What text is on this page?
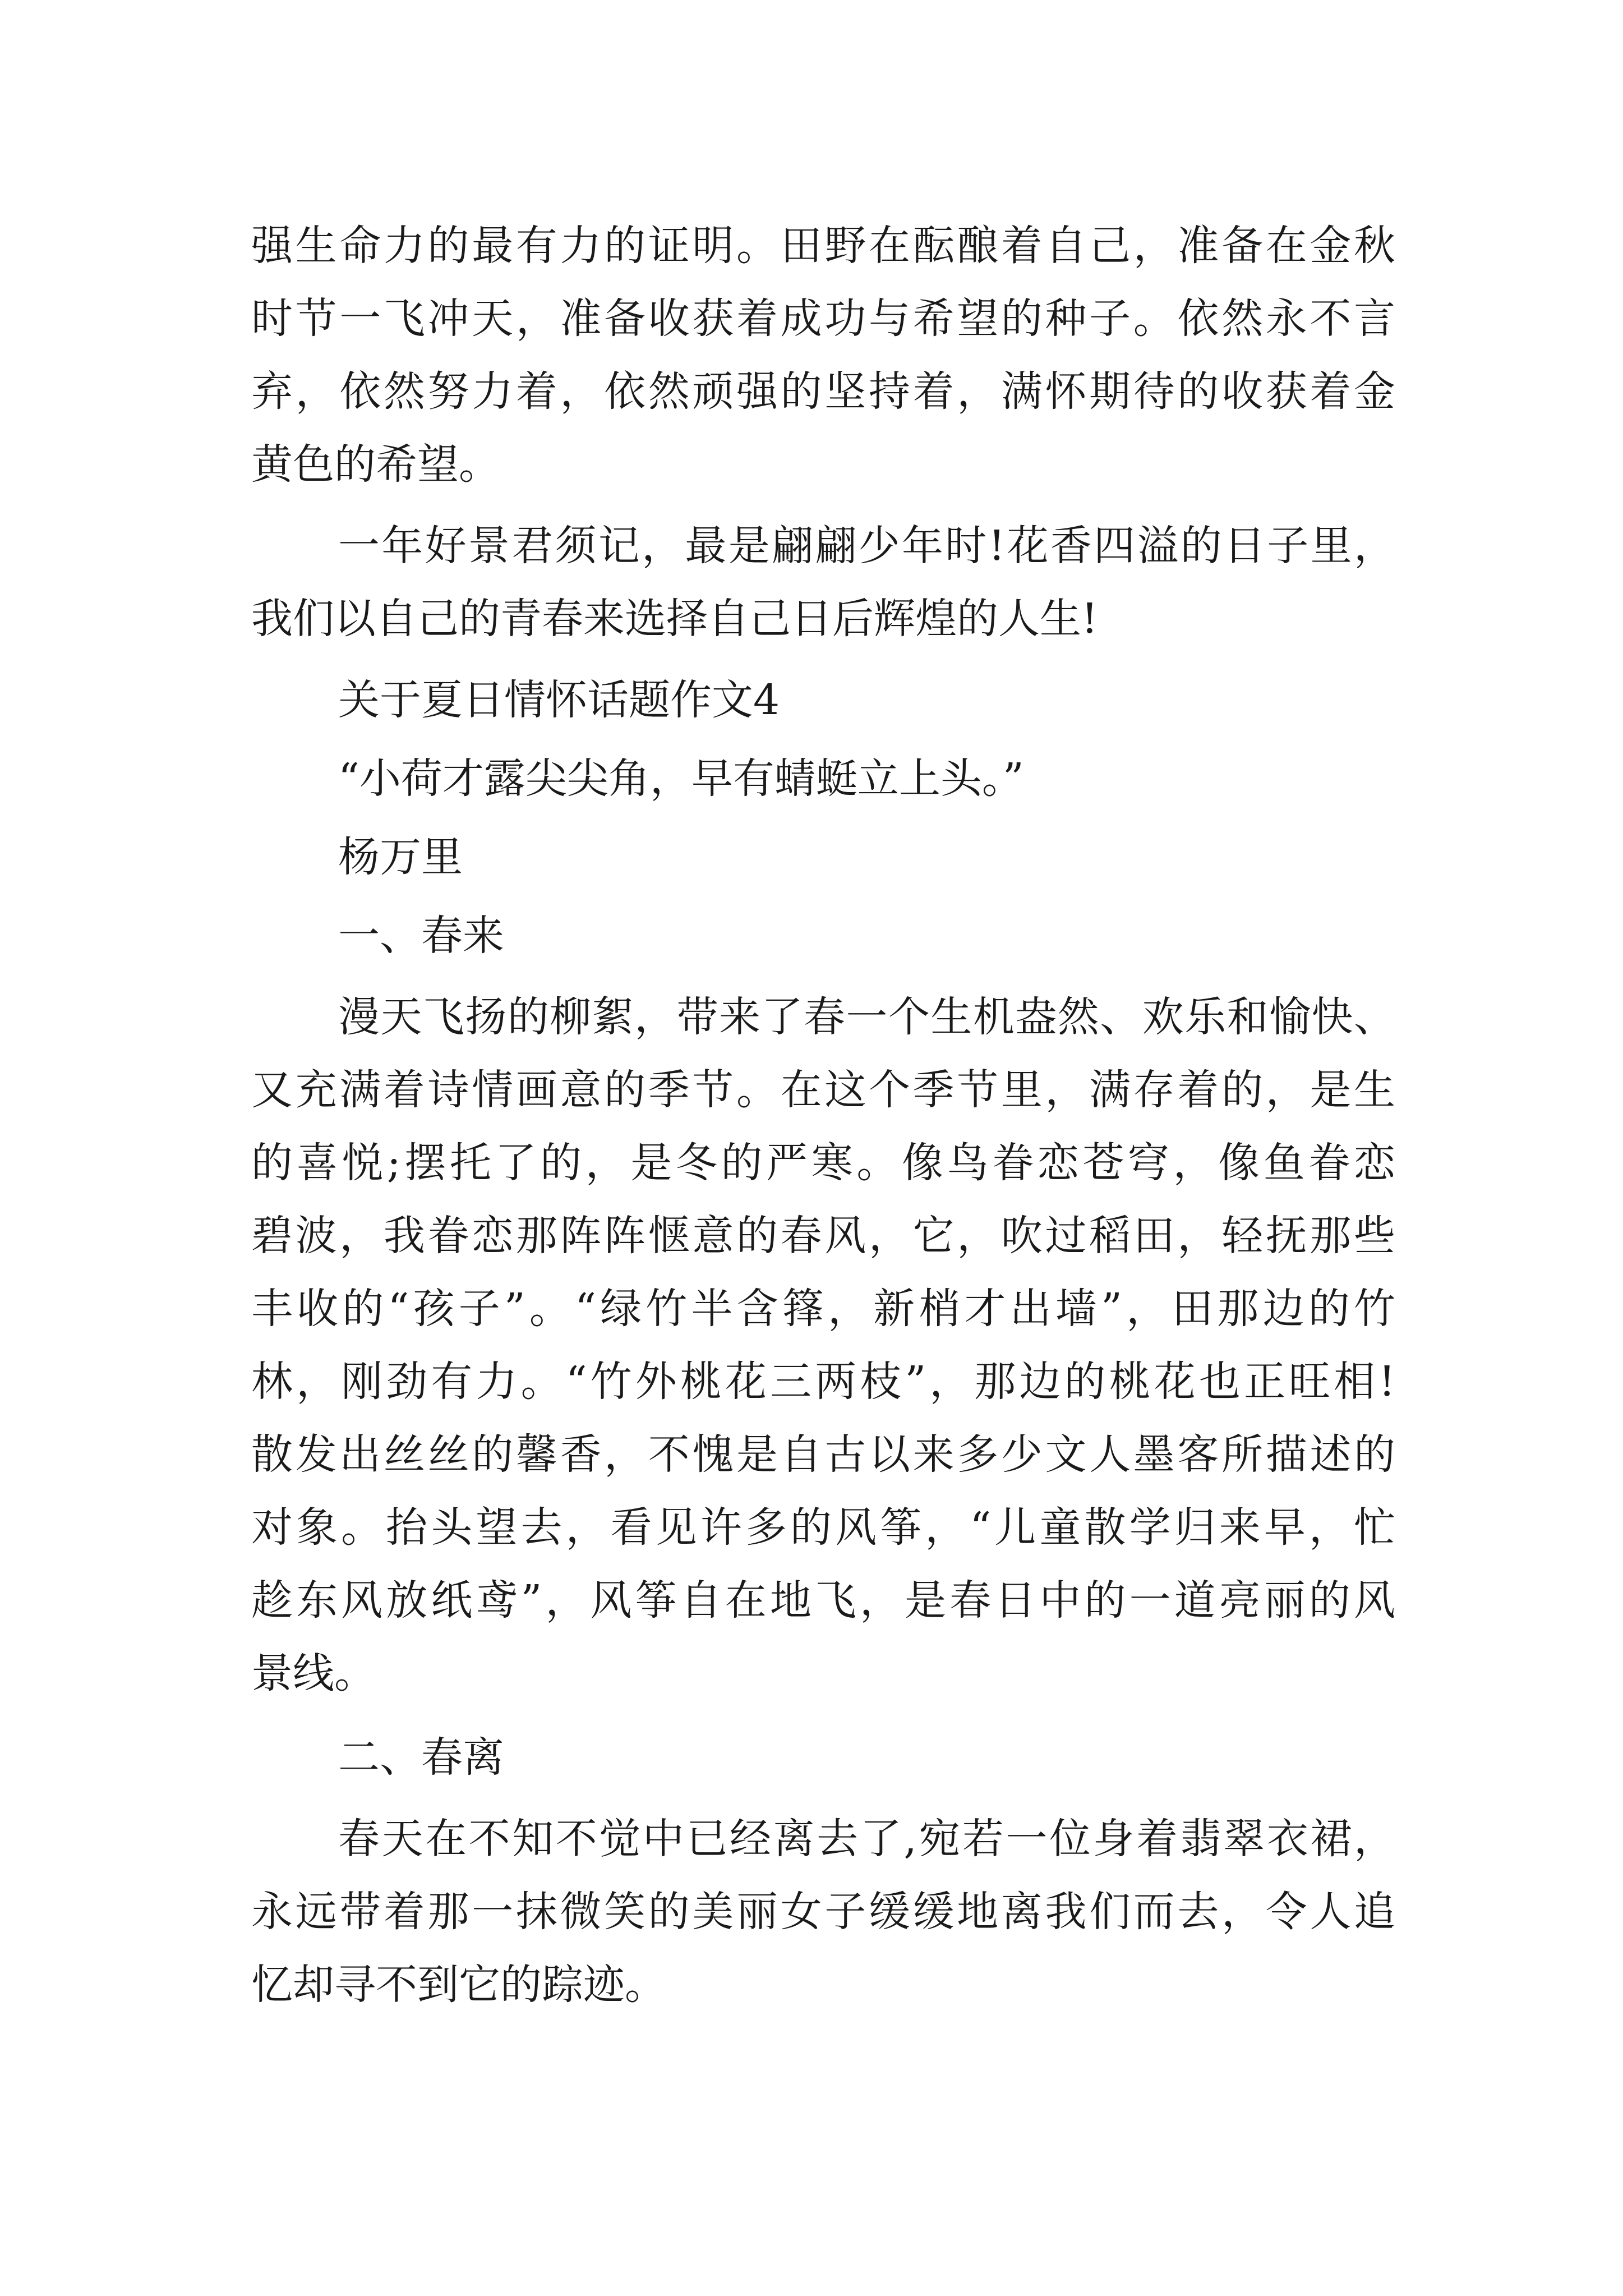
强生命力的最有力的证明。田野在酝酿着自己，准备在金秋
时节一飞冲天，准备收获着成功与希望的种子。依然永不言
弃，依然努力着，依然顽强的坚持着，满怀期待的收获着金
黄色的希望。
一年好景君须记，最是翩翩少年时!花香四溢的日子里，
我们以自己的青春来选择自己日后辉煌的人生!
关于夏日情怀话题作文4
“小荷才露尖尖角，早有蜻蜓立上头。”
杨万里
一、春来
漫天飞扬的柳絮，带来了春一个生机盎然、欢乐和愉快、
又充满着诗情画意的季节。在这个季节里，满存着的，是生
的喜悦;摆托了的，是冬的严寒。像鸟眷恋苍穹，像鱼眷恋
碧波，我眷恋那阵阵惬意的春风，它，吹过稻田，轻抚那些
丰收的“孩子”。“绿竹半含箨，新梢才出墙”，田那边的竹
林，刚劲有力。“竹外桃花三两枝”，那边的桃花也正旺相!
散发出丝丝的馨香，不愧是自古以来多少文人墨客所描述的
对象。抬头望去，看见许多的风筝，“儿童散学归来早，忙
趁东风放纸鸢”，风筝自在地飞，是春日中的一道亮丽的风
景线。
二、春离
春天在不知不觉中已经离去了,宛若一位身着翡翠衣裙，
永远带着那一抹微笑的美丽女子缓缓地离我们而去，令人追
忆却寻不到它的踪迹。
